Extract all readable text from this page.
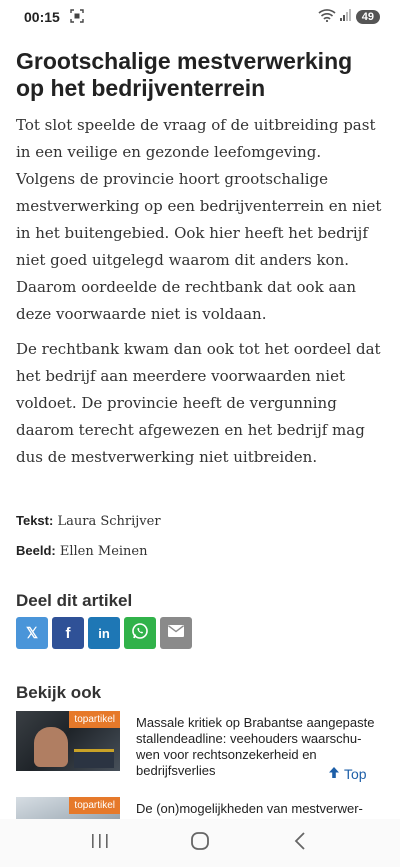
00:15	49
Grootschalige mestverwerking op het bedrijventerrein

Tot slot speelde de vraag of de uitbreiding past in een veilige en gezonde leefomgeving. Volgens de provincie hoort grootschalige mestverwerking op een bedrijventerrein en niet in het buitengebied. Ook hier heeft het bedrijf niet goed uitgelegd waarom dit anders kon. Daarom oordeelde de rechtbank dat ook aan deze voorwaarde niet is voldaan.

De rechtbank kwam dan ook tot het oordeel dat het bedrijf aan meerdere voorwaarden niet voldoet. De provincie heeft de vergunning daarom terecht afgewezen en het bedrijf mag dus de mestverwerking niet uitbreiden.

Tekst: Laura Schrijver
Beeld: Ellen Meinen
Deel dit artikel
𝕏 f in
Bekijk ook
topartikel	Massale kritiek op Brabantse aangepaste stallendeadline: veehouders waarschu-wen voor rechtsonzekerheid en bedrijfsverlies
topartikel	De (on)mogelijkheden van mestverwer-
Top
